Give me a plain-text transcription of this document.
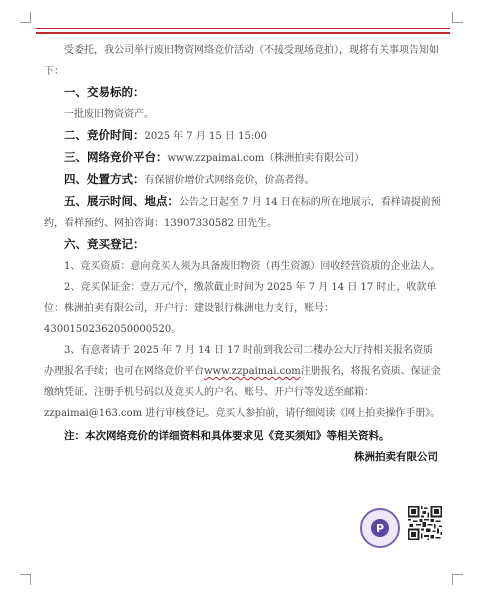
受委托，我公司举行废旧物资网络竞价活动（不接受现场竞拍），现将有关事项告知如下：

一、交易标的：

一批废旧物资资产。

二、竞价时间：2025 年 7 月 15 日 15:00

三、网络竞价平台：www.zzpaimai.com（株洲拍卖有限公司）

四、处置方式：有保留价增价式网络竞价，价高者得。

五、展示时间、地点：公告之日起至 7 月 14 日在标的所在地展示，看样请提前预约，看样预约、网拍咨询：13907330582 田先生。

六、竞买登记：

1、竞买资质：意向竞买人须为具备废旧物资（再生资源）回收经营资质的企业法人。

2、竞买保证金：壹万元/个，缴款截止时间为 2025 年 7 月 14 日 17 时止，收款单位：株洲拍卖有限公司，开户行：建设银行株洲电力支行，账号：43001502362050000520。

3、有意者请于 2025 年 7 月 14 日 17 时前到我公司二楼办公大厅持相关报名资质办理报名手续；也可在网络竞价平台www.zzpaimai.com注册报名，将报名资质、保证金缴纳凭证、注册手机号码以及竞买人的户名、账号、开户行等发送至邮箱：zzpaimai@163.com 进行审核登记。竞买人参拍前，请仔细阅读《网上拍卖操作手册》。

注：本次网络竞价的详细资料和具体要求见《竞买须知》等相关资料。

株洲拍卖有限公司

P
